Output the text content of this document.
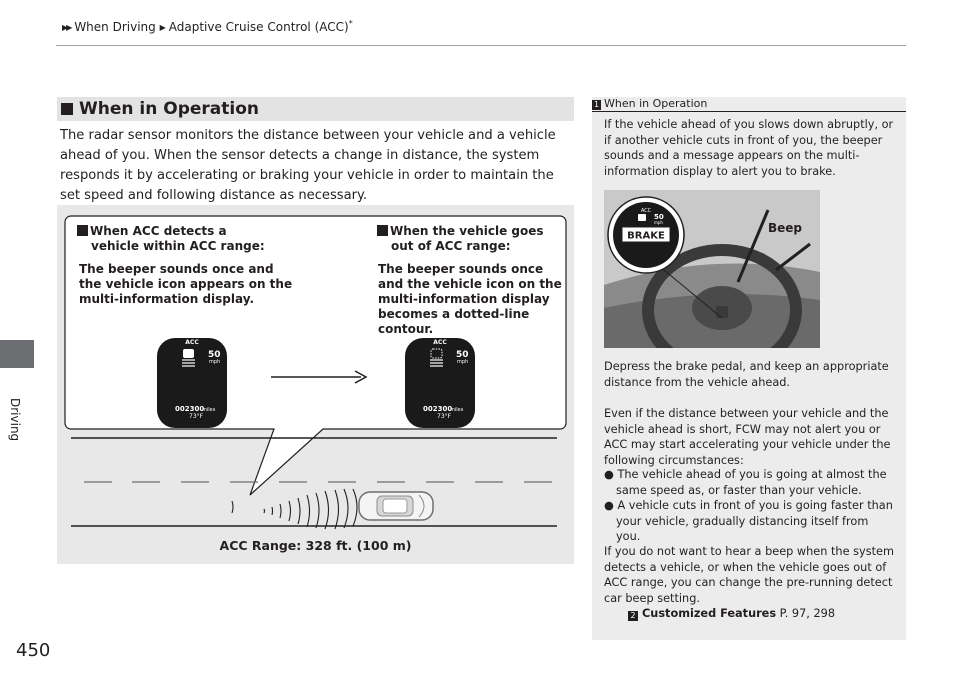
▶▶ When Driving ▶ Adaptive Cruise Control (ACC)*
Driving
450
When in Operation

The radar sensor monitors the distance between your vehicle and a vehicle ahead of you. When the sensor detects a change in distance, the system responds it by accelerating or braking your vehicle in order to maintain the set speed and following distance as necessary.

ACC
50
mph
002300
miles
73°F
ACC
50
mph
002300
miles
73°F
When ACC detects a
vehicle within ACC range:
The beeper sounds once and
the vehicle icon appears on the
multi-information display.
When the vehicle goes
out of ACC range:
The beeper sounds once
and the vehicle icon on the
multi-information display
becomes a dotted-line
contour.
ACC Range: 328 ft. (100 m)
1 When in Operation

If the vehicle ahead of you slows down abruptly, or if another vehicle cuts in front of you, the beeper sounds and a message appears on the multi-information display to alert you to brake.

ACC
50
mph
BRAKE
Beep

Depress the brake pedal, and keep an appropriate distance from the vehicle ahead.

Even if the distance between your vehicle and the vehicle ahead is short, FCW may not alert you or ACC may start accelerating your vehicle under the following circumstances:

● The vehicle ahead of you is going at almost the same speed as, or faster than your vehicle.
● A vehicle cuts in front of you is going faster than your vehicle, gradually distancing itself from you.

If you do not want to hear a beep when the system detects a vehicle, or when the vehicle goes out of ACC range, you can change the pre-running detect car beep setting.

2 Customized Features P. 97, 298
